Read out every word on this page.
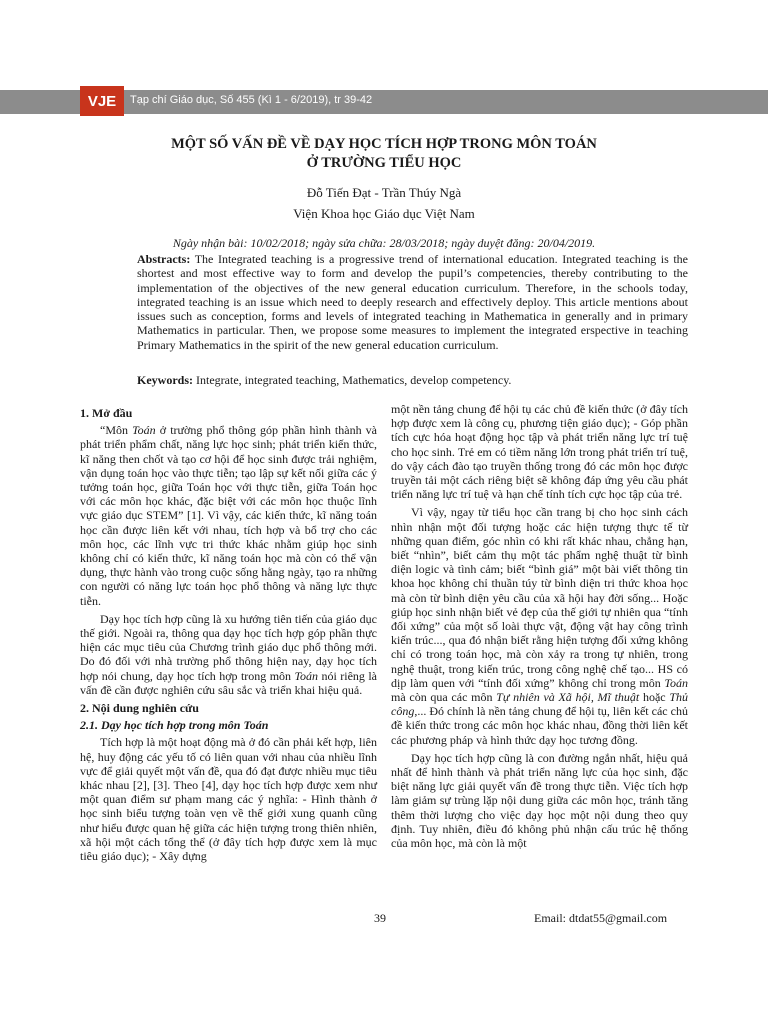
VJE	Tạp chí Giáo dục, Số 455 (Kì 1 - 6/2019), tr 39-42
MỘT SỐ VẤN ĐỀ VỀ DẠY HỌC TÍCH HỢP TRONG MÔN TOÁN
Ở TRƯỜNG TIỂU HỌC
Đỗ Tiến Đạt - Trần Thúy Ngà
Viện Khoa học Giáo dục Việt Nam
Ngày nhận bài: 10/02/2018; ngày sửa chữa: 28/03/2018; ngày duyệt đăng: 20/04/2019.

Abstracts: The Integrated teaching is a progressive trend of international education. Integrated teaching is the shortest and most effective way to form and develop the pupil’s competencies, thereby contributing to the implementation of the objectives of the new general education curriculum. Therefore, in the schools today, integrated teaching is an issue which need to deeply research and effectively deploy. This article mentions about issues such as conception, forms and levels of integrated teaching in Mathematica in generally and in primary Mathematics in particular. Then, we propose some measures to implement the integrated erspective in teaching Primary Mathematics in the spirit of the new general education curriculum.

Keywords: Integrate, integrated teaching, Mathematics, develop competency.

1. Mở đầu

“Môn Toán ở trường phổ thông góp phần hình thành và phát triển phẩm chất, năng lực học sinh; phát triển kiến thức, kĩ năng then chốt và tạo cơ hội để học sinh được trải nghiệm, vận dụng toán học vào thực tiễn; tạo lập sự kết nối giữa các ý tưởng toán học, giữa Toán học với thực tiễn, giữa Toán học với các môn học khác, đặc biệt với các môn học thuộc lĩnh vực giáo dục STEM” [1]. Vì vậy, các kiến thức, kĩ năng toán học cần được liên kết với nhau, tích hợp và bổ trợ cho các môn học, các lĩnh vực tri thức khác nhằm giúp học sinh không chỉ có kiến thức, kĩ năng toán học mà còn có thể vận dụng, thực hành vào trong cuộc sống hằng ngày, tạo ra những con người có năng lực toán học phổ thông và năng lực thực tiễn.

Dạy học tích hợp cũng là xu hướng tiên tiến của giáo dục thế giới. Ngoài ra, thông qua dạy học tích hợp góp phần thực hiện các mục tiêu của Chương trình giáo dục phổ thông mới. Do đó đối với nhà trường phổ thông hiện nay, dạy học tích hợp nói chung, dạy học tích hợp trong môn Toán nói riêng là vấn đề cần được nghiên cứu sâu sắc và triển khai hiệu quả.

2. Nội dung nghiên cứu
2.1. Dạy học tích hợp trong môn Toán

Tích hợp là một hoạt động mà ở đó cần phải kết hợp, liên hệ, huy động các yếu tố có liên quan với nhau của nhiều lĩnh vực để giải quyết một vấn đề, qua đó đạt được nhiều mục tiêu khác nhau [2], [3]. Theo [4], dạy học tích hợp được xem như một quan điểm sư phạm mang các ý nghĩa: - Hình thành ở học sinh biểu tượng toàn vẹn về thế giới xung quanh cũng như hiểu được quan hệ giữa các hiện tượng trong thiên nhiên, xã hội một cách tổng thể (ở đây tích hợp được xem là mục tiêu giáo dục); - Xây dựng

một nền tảng chung để hội tụ các chủ đề kiến thức (ở đây tích hợp được xem là công cụ, phương tiện giáo dục); - Góp phần tích cực hóa hoạt động học tập và phát triển năng lực trí tuệ cho học sinh. Trẻ em có tiềm năng lớn trong phát triển trí tuệ, do vậy cách đào tạo truyền thống trong đó các môn học được truyền tải một cách riêng biệt sẽ không đáp ứng yêu cầu phát triển năng lực trí tuệ và hạn chế tính tích cực học tập của trẻ.

Vì vậy, ngay từ tiểu học cần trang bị cho học sinh cách nhìn nhận một đối tượng hoặc các hiện tượng thực tế từ những quan điểm, góc nhìn có khi rất khác nhau, chẳng hạn, biết “nhìn”, biết cảm thụ một tác phẩm nghệ thuật từ bình diện logic và tình cảm; biết “bình giá” một bài viết thông tin khoa học không chỉ thuần túy từ bình diện tri thức khoa học mà còn từ bình diện yêu cầu của xã hội hay đời sống... Hoặc giúp học sinh nhận biết vẻ đẹp của thế giới tự nhiên qua “tính đối xứng” của một số loài thực vật, động vật hay công trình kiến trúc..., qua đó nhận biết rằng hiện tượng đối xứng không chỉ có trong toán học, mà còn xảy ra trong tự nhiên, trong nghệ thuật, trong kiến trúc, trong công nghệ chế tạo... HS có dịp làm quen với “tính đối xứng” không chỉ trong môn Toán mà còn qua các môn Tự nhiên và Xã hội, Mĩ thuật hoặc Thủ công,... Đó chính là nền tảng chung để hội tụ, liên kết các chủ đề kiến thức trong các môn học khác nhau, đồng thời liên kết các phương pháp và hình thức dạy học tương đồng.

Dạy học tích hợp cũng là con đường ngắn nhất, hiệu quả nhất để hình thành và phát triển năng lực của học sinh, đặc biệt năng lực giải quyết vấn đề trong thực tiễn. Việc tích hợp làm giảm sự trùng lặp nội dung giữa các môn học, tránh tăng thêm thời lượng cho việc dạy học một nội dung theo quy định. Tuy nhiên, điều đó không phủ nhận cấu trúc hệ thống của môn học, mà còn là một

39	Email: dtdat55@gmail.com
